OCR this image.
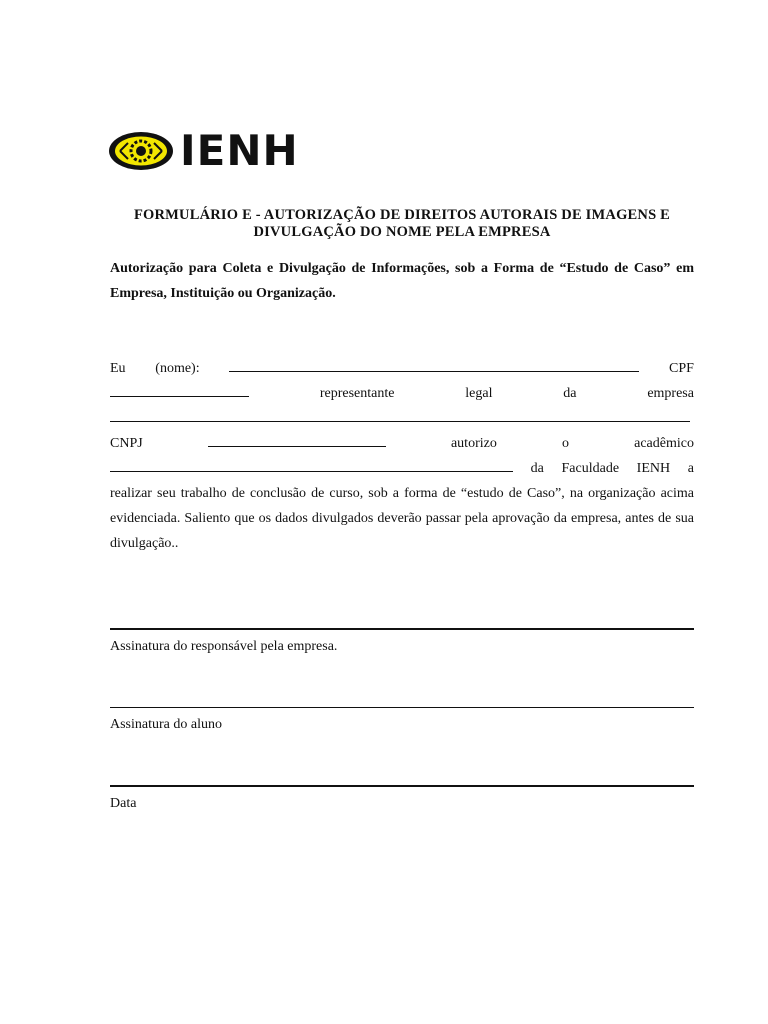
IENH
FORMULÁRIO E - AUTORIZAÇÃO DE DIREITOS AUTORAIS DE IMAGENS E DIVULGAÇÃO DO NOME PELA EMPRESA
Autorização para Coleta e Divulgação de Informações, sob a Forma de “Estudo de Caso” em Empresa, Instituição ou Organização.
Eu (nome):	CPF
representante	legal	da	empresa
CNPJ	autorizo	o	acadêmico
da Faculdade IENH a
realizar seu trabalho de conclusão de curso, sob a forma de “estudo de Caso”, na organização acima evidenciada. Saliento que os dados divulgados deverão passar pela aprovação da empresa, antes de sua divulgação..
Assinatura do responsável pela empresa.
Assinatura do aluno
Data
